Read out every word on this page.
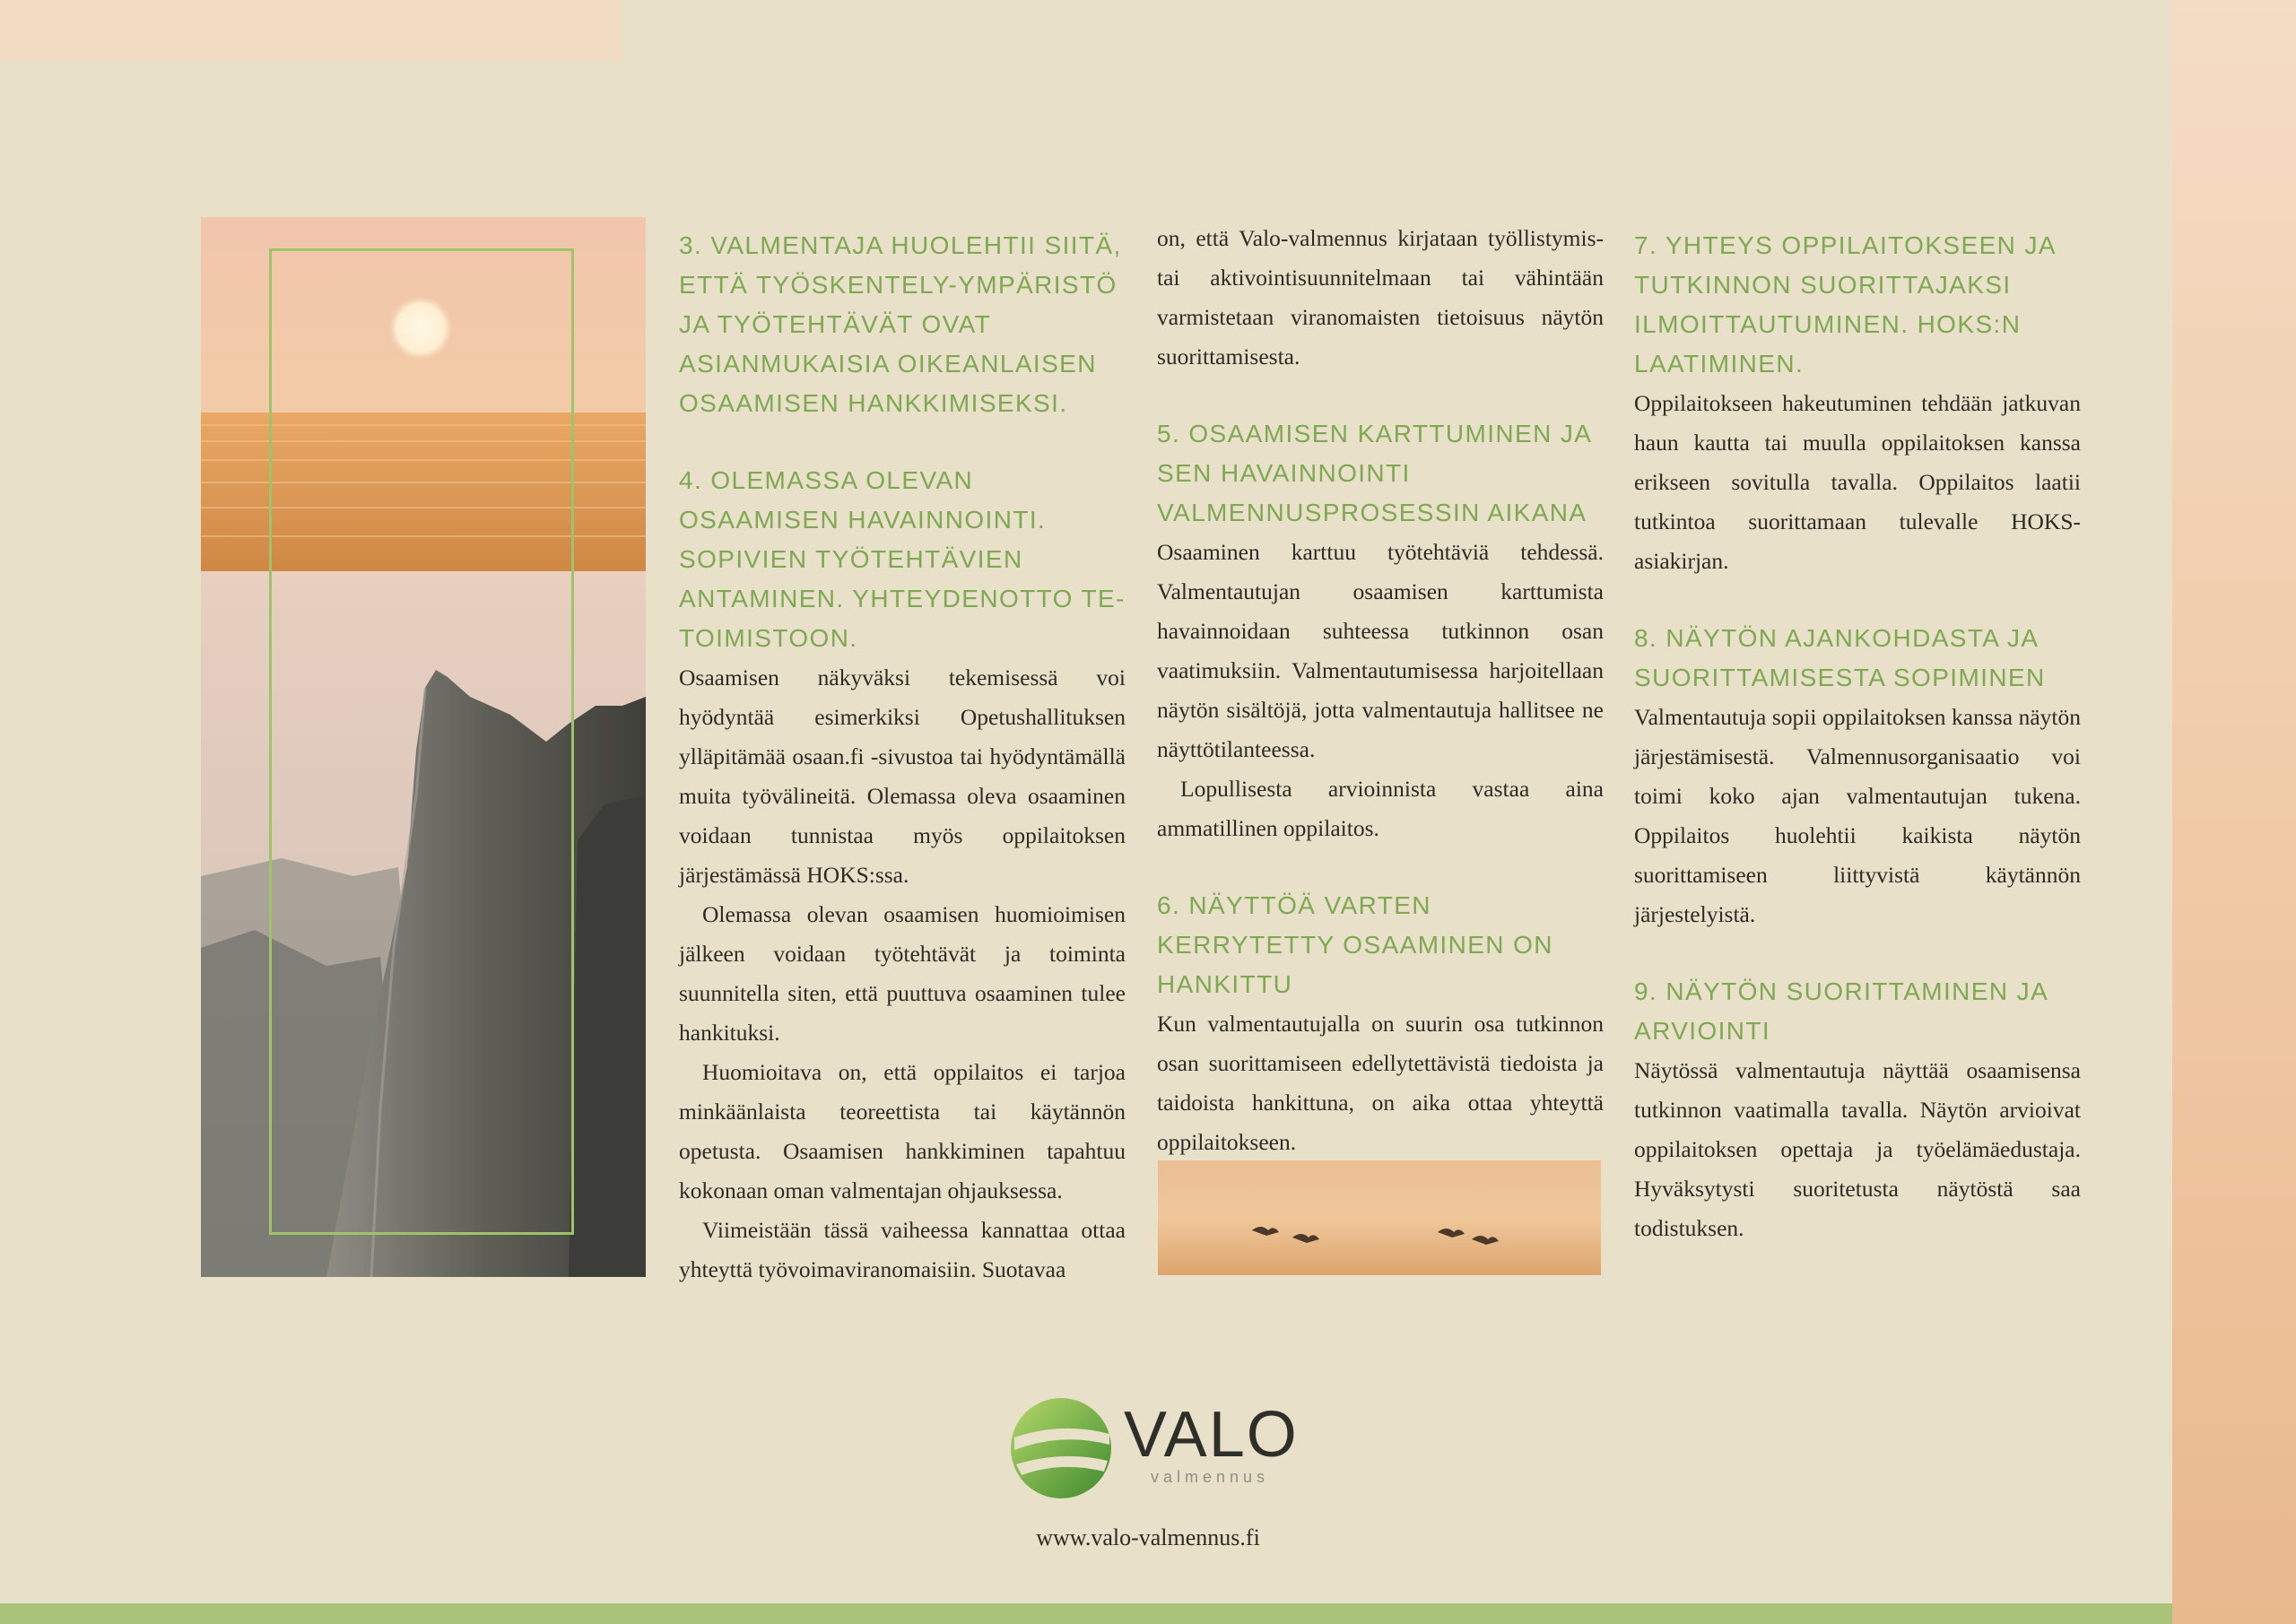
3. VALMENTAJA HUOLEHTII SIITÄ, ETTÄ TYÖSKENTELY-YMPÄRISTÖ JA TYÖTEHTÄVÄT OVAT ASIANMUKAISIA OIKEANLAISEN OSAAMISEN HANKKIMISEKSI.
4. OLEMASSA OLEVAN OSAAMISEN HAVAINNOINTI. SOPIVIEN TYÖTEHTÄVIEN ANTAMINEN. YHTEYDENOTTO TE-TOIMISTOON.

Osaamisen näkyväksi tekemisessä voi hyödyntää esimerkiksi Opetushallituksen ylläpitämää osaan.fi -sivustoa tai hyödyntämällä muita työvälineitä. Olemassa oleva osaaminen voidaan tunnistaa myös oppilaitoksen järjestämässä HOKS:ssa.

Olemassa olevan osaamisen huomioimisen jälkeen voidaan työtehtävät ja toiminta suunnitella siten, että puuttuva osaaminen tulee hankituksi.

Huomioitava on, että oppilaitos ei tarjoa minkäänlaista teoreettista tai käytännön opetusta. Osaamisen hankkiminen tapahtuu kokonaan oman valmentajan ohjauksessa.

Viimeistään tässä vaiheessa kannattaa ottaa yhteyttä työvoimaviranomaisiin. Suotavaa

on, että Valo-valmennus kirjataan työllistymis- tai aktivointisuunnitelmaan tai vähintään varmistetaan viranomaisten tietoisuus näytön suorittamisesta.

5. OSAAMISEN KARTTUMINEN JA SEN HAVAINNOINTI VALMENNUSPROSESSIN AIKANA

Osaaminen karttuu työtehtäviä tehdessä. Valmentautujan osaamisen karttumista havainnoidaan suhteessa tutkinnon osan vaatimuksiin. Valmentautumisessa harjoitellaan näytön sisältöjä, jotta valmentautuja hallitsee ne näyttötilanteessa.

Lopullisesta arvioinnista vastaa aina ammatillinen oppilaitos.

6. NÄYTTÖÄ VARTEN KERRYTETTY OSAAMINEN ON HANKITTU

Kun valmentautujalla on suurin osa tutkinnon osan suorittamiseen edellytettävistä tiedoista ja taidoista hankittuna, on aika ottaa yhteyttä oppilaitokseen.

7. YHTEYS OPPILAITOKSEEN JA TUTKINNON SUORITTAJAKSI ILMOITTAUTUMINEN. HOKS:N LAATIMINEN.

Oppilaitokseen hakeutuminen tehdään jatkuvan haun kautta tai muulla oppilaitoksen kanssa erikseen sovitulla tavalla. Oppilaitos laatii tutkintoa suorittamaan tulevalle HOKS-asiakirjan.

8. NÄYTÖN AJANKOHDASTA JA SUORITTAMISESTA SOPIMINEN

Valmentautuja sopii oppilaitoksen kanssa näytön järjestämisestä. Valmennusorganisaatio voi toimi koko ajan valmentautujan tukena. Oppilaitos huolehtii kaikista näytön suorittamiseen liittyvistä käytännön järjestelyistä.

9. NÄYTÖN SUORITTAMINEN JA ARVIOINTI

Näytössä valmentautuja näyttää osaamisensa tutkinnon vaatimalla tavalla. Näytön arvioivat oppilaitoksen opettaja ja työelämäedustaja. Hyväksytysti suoritetusta näytöstä saa todistuksen.

VALO
valmennus
www.valo-valmennus.fi
